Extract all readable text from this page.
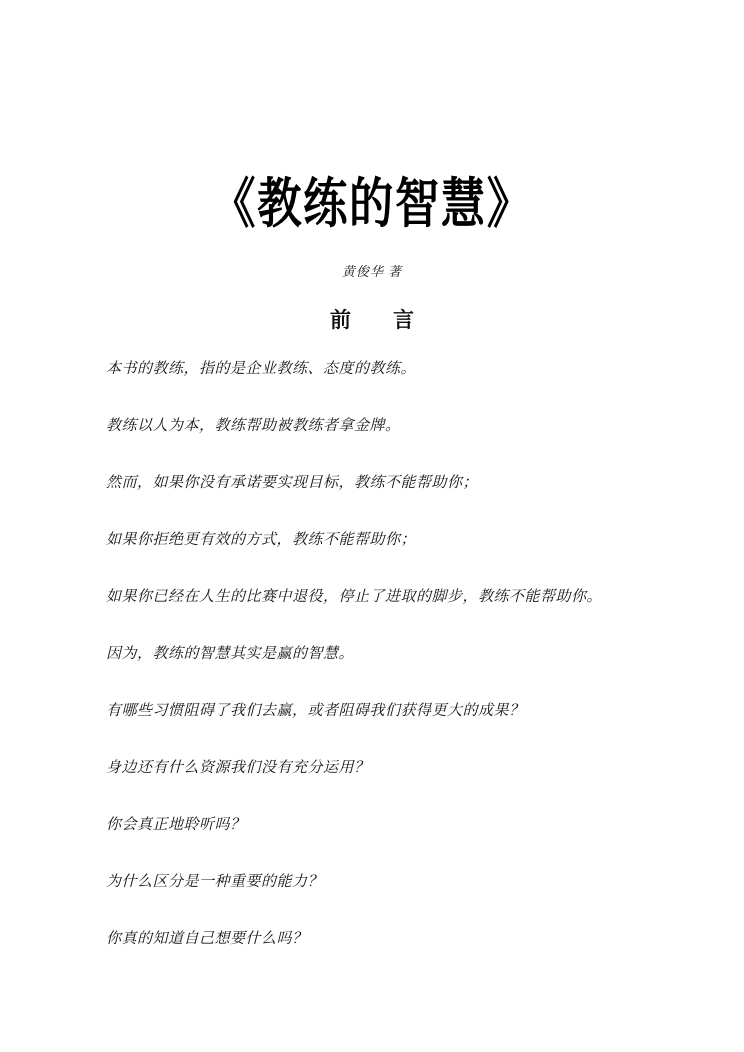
《教练的智慧》
黄俊华 著
前　　言

本书的教练，指的是企业教练、态度的教练。

教练以人为本，教练帮助被教练者拿金牌。

然而，如果你没有承诺要实现目标，教练不能帮助你；

如果你拒绝更有效的方式，教练不能帮助你；

如果你已经在人生的比赛中退役，停止了进取的脚步，教练不能帮助你。

因为，教练的智慧其实是赢的智慧。

有哪些习惯阻碍了我们去赢，或者阻碍我们获得更大的成果？

身边还有什么资源我们没有充分运用？

你会真正地聆听吗？

为什么区分是一种重要的能力？

你真的知道自己想要什么吗？
